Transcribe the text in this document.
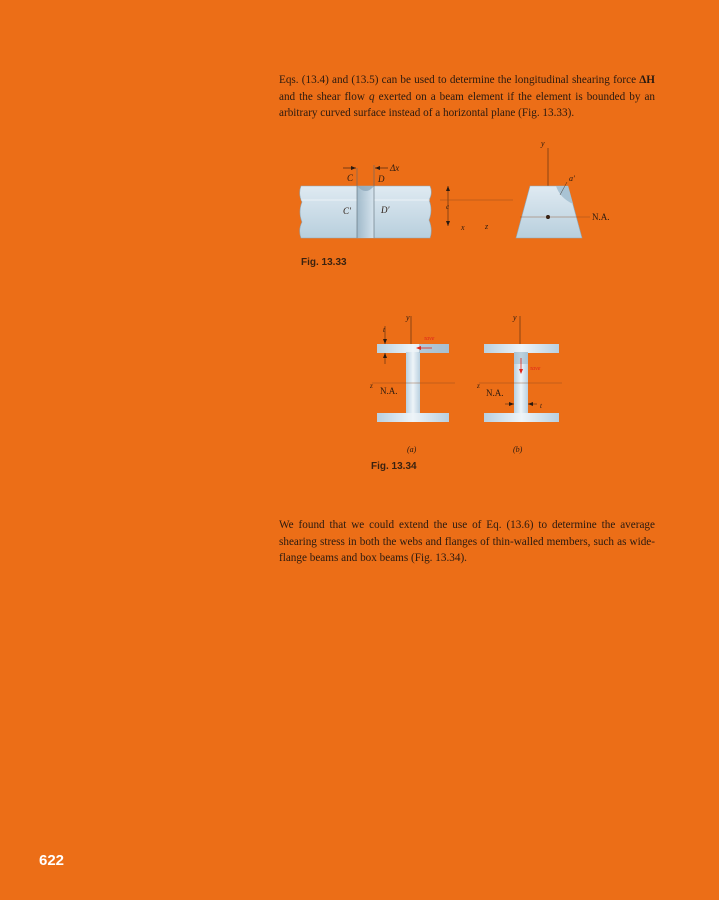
Eqs. (13.4) and (13.5) can be used to determine the longitudinal shearing force ΔH and the shear flow q exerted on a beam element if the element is bounded by an arbitrary curved surface instead of a horizontal plane (Fig. 13.33).

Δx
C	D
C′	D′	c
x	z
y
a′
N.A.
Fig. 13.33
y
t
τave
z N.A.
(a)
y
τave
z
N.A.
t
(b)
Fig. 13.34

We found that we could extend the use of Eq. (13.6) to determine the average shearing stress in both the webs and flanges of thin-walled members, such as wide-flange beams and box beams (Fig. 13.34).

622
